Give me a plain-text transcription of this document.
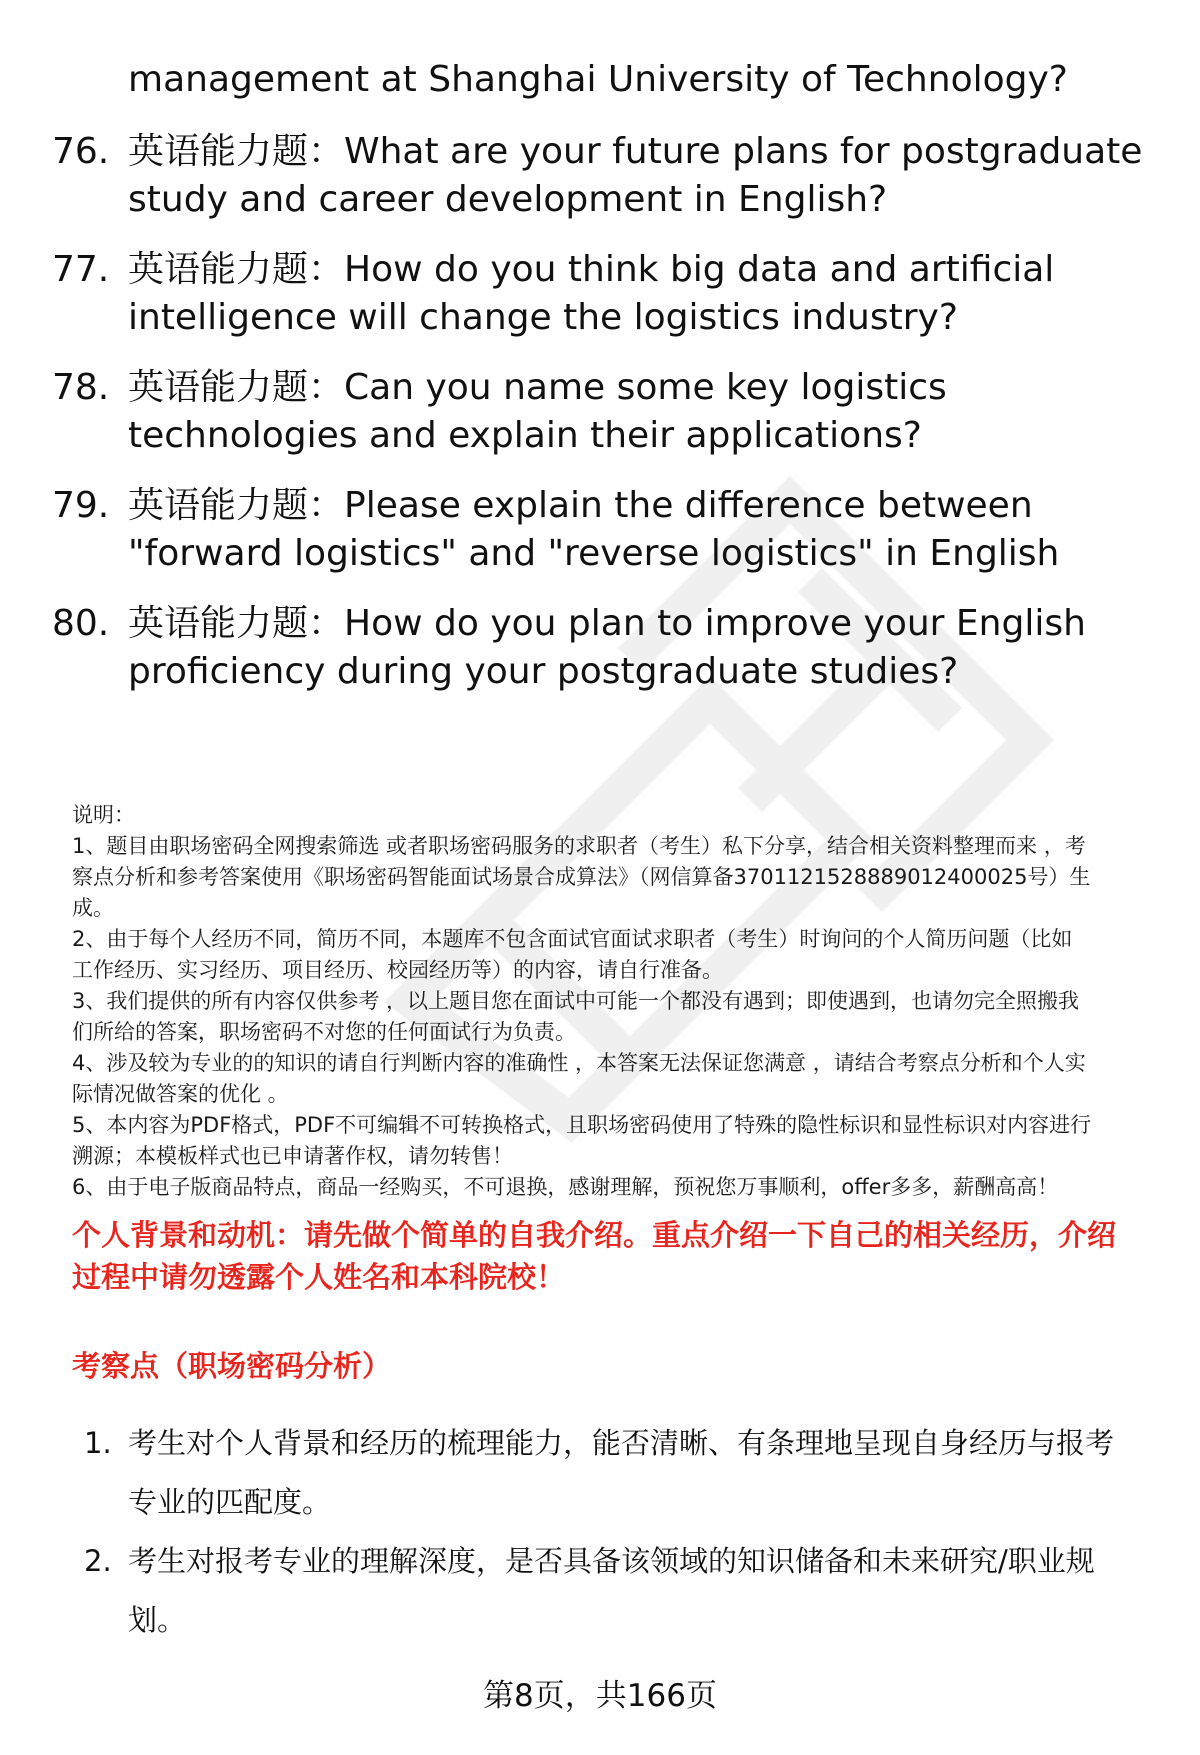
management at Shanghai University of Technology?
76. 英语能力题：What are your future plans for postgraduate study and career development in English?
77. 英语能力题：How do you think big data and artificial intelligence will change the logistics industry?
78. 英语能力题：Can you name some key logistics technologies and explain their applications?
79. 英语能力题：Please explain the difference between "forward logistics" and "reverse logistics" in English
80. 英语能力题：How do you plan to improve your English proficiency during your postgraduate studies?
说明：
1、题目由职场密码全网搜索筛选 或者职场密码服务的求职者（考生）私下分享，结合相关资料整理而来 ，考
察点分析和参考答案使用《职场密码智能面试场景合成算法》（网信算备3701121528889012400025号）生
成。
2、由于每个人经历不同，简历不同，本题库不包含面试官面试求职者（考生）时询问的个人简历问题（比如
工作经历、实习经历、项目经历、校园经历等）的内容，请自行准备。
3、我们提供的所有内容仅供参考 ，以上题目您在面试中可能一个都没有遇到；即使遇到，也请勿完全照搬我
们所给的答案，职场密码不对您的任何面试行为负责。
4、涉及较为专业的的知识的请自行判断内容的准确性 ，本答案无法保证您满意 ，请结合考察点分析和个人实
际情况做答案的优化 。
5、本内容为PDF格式，PDF不可编辑不可转换格式，且职场密码使用了特殊的隐性标识和显性标识对内容进行
溯源；本模板样式也已申请著作权，请勿转售！
6、由于电子版商品特点，商品一经购买，不可退换，感谢理解，预祝您万事顺利，offer多多，薪酬高高！
个人背景和动机：请先做个简单的自我介绍。重点介绍一下自己的相关经历，介绍
过程中请勿透露个人姓名和本科院校！
考察点（职场密码分析）
1. 考生对个人背景和经历的梳理能力，能否清晰、有条理地呈现自身经历与报考
专业的匹配度。
2. 考生对报考专业的理解深度，是否具备该领域的知识储备和未来研究/职业规
划。
第8页，共166页
